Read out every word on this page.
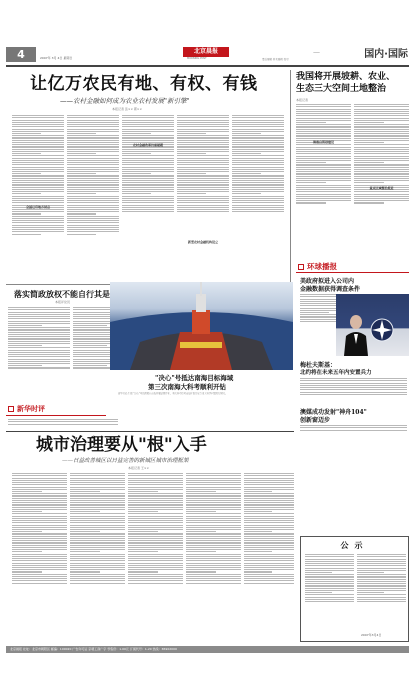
4	2007年 3月 4日 星期日
北京晨报
MORNING POST	责任编辑 美术编辑 校对	国内·国际
—
让亿万农民有地、有权、有钱
——农村金融如何成为农业农村发展"新引擎"
本报记者 张×× 郭××
全国已有地方试点
农村金融改革仍需破题
新型农村金融机构设立
我国将开展坡耕、农业、
生态三大空间土地整治
本报记者
海南自贸港建设
重点区域整治推进
环球播报
美政府拟进入公司内
金融数据获得调查条件
梅杜夫斯基：
北约将在未来五年内安置兵力
澳媒成功发射"神舟104"
创新窗迈步
落实简政放权不能自行其是
本报评论员
新华时评
"决心"号抵达南海目标海域
第三次南海大科考顺利开钻
新华社记者 摄 "决心"号钻探船在南海开展钻探作业，本次科考将对南海扩张历史等重大科学问题进行研究。
城市治理要从"根"入手
——日益改善城区以日益完善的新城区城市治理框架
本报记者 王××
公示
2007年3月4日
北京晨报 社址：北京市朝阳区 邮编：100020 广告许可证 京朝工商广字 零售价：1.00元 订阅代号：1-20 热线：65902000
